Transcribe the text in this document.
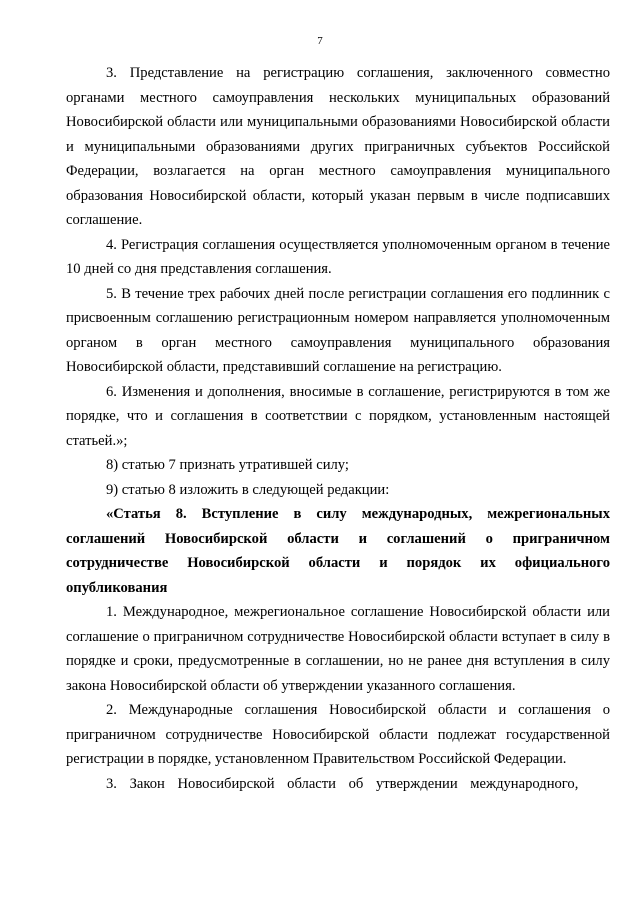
7

3. Представление на регистрацию соглашения, заключенного совместно органами местного самоуправления нескольких муниципальных образований Новосибирской области или муниципальными образованиями Новосибирской области и муниципальными образованиями других приграничных субъектов Российской Федерации, возлагается на орган местного самоуправления муниципального образования Новосибирской области, который указан первым в числе подписавших соглашение.

4. Регистрация соглашения осуществляется уполномоченным органом в течение 10 дней со дня представления соглашения.

5. В течение трех рабочих дней после регистрации соглашения его подлинник с присвоенным соглашению регистрационным номером направляется уполномоченным органом в орган местного самоуправления муниципального образования Новосибирской области, представивший соглашение на регистрацию.

6. Изменения и дополнения, вносимые в соглашение, регистрируются в том же порядке, что и соглашения в соответствии с порядком, установленным настоящей статьей.»;

8) статью 7 признать утратившей силу;

9) статью 8 изложить в следующей редакции:

«Статья 8. Вступление в силу международных, межрегиональных соглашений Новосибирской области и соглашений о приграничном сотрудничестве Новосибирской области и порядок их официального опубликования

1. Международное, межрегиональное соглашение Новосибирской области или соглашение о приграничном сотрудничестве Новосибирской области вступает в силу в порядке и сроки, предусмотренные в соглашении, но не ранее дня вступления в силу закона Новосибирской области об утверждении указанного соглашения.

2. Международные соглашения Новосибирской области и соглашения о приграничном сотрудничестве Новосибирской области подлежат государственной регистрации в порядке, установленном Правительством Российской Федерации.

3. Закон Новосибирской области об утверждении международного,
